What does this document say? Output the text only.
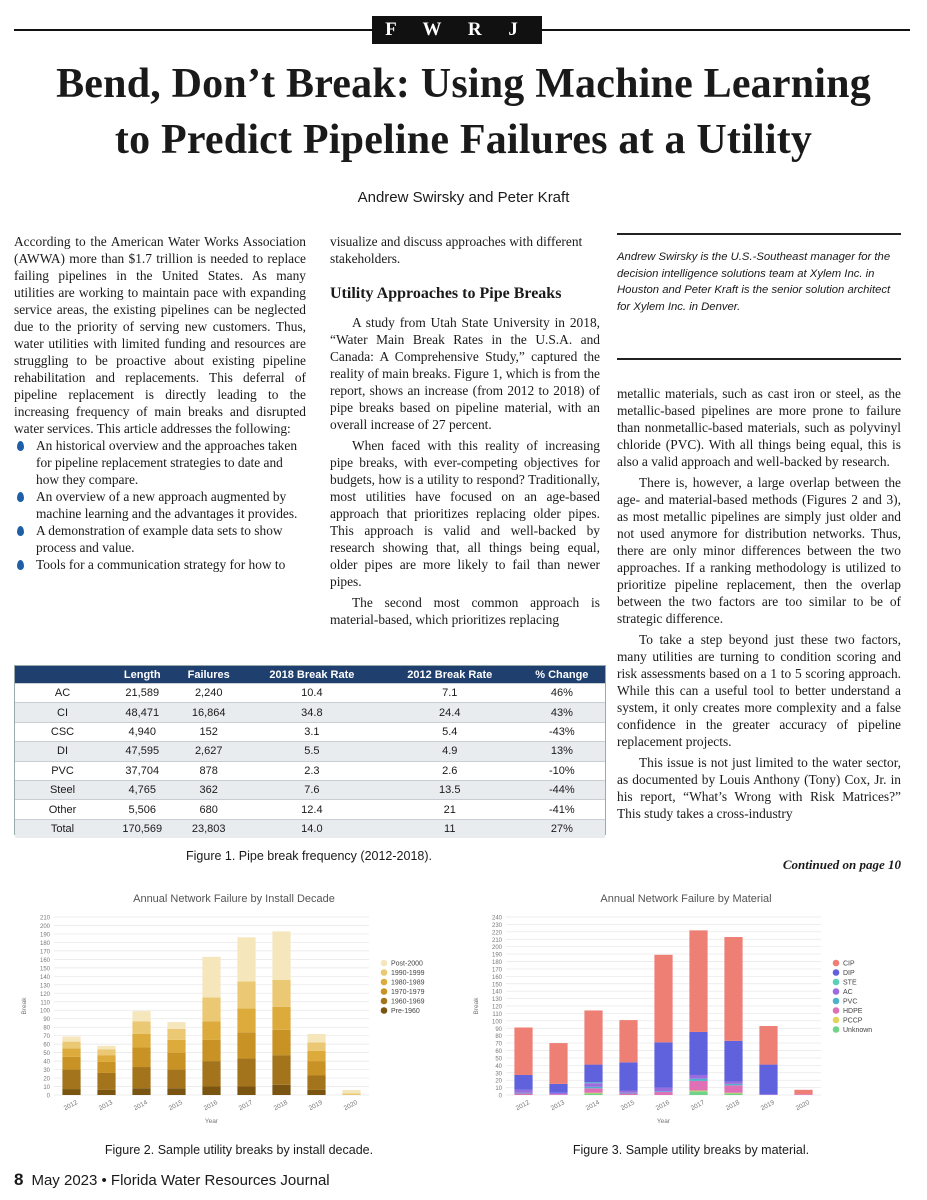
F W R J
Bend, Don’t Break: Using Machine Learning
to Predict Pipeline Failures at a Utility
Andrew Swirsky and Peter Kraft

According to the American Water Works Association (AWWA) more than $1.7 trillion is needed to replace failing pipelines in the United States. As many utilities are working to maintain pace with expanding service areas, the existing pipelines can be neglected due to the priority of serving new customers. Thus, water utilities with limited funding and resources are struggling to be proactive about existing pipeline rehabilitation and replacements. This deferral of pipeline replacement is directly leading to the increasing frequency of main breaks and disrupted water services. This article addresses the following:

An historical overview and the approaches taken for pipeline replacement strategies to date and how they compare.
An overview of a new approach augmented by machine learning and the advantages it provides.
A demonstration of example data sets to show process and value.
Tools for a communication strategy for how to

visualize and discuss approaches with different stakeholders.

Utility Approaches to Pipe Breaks

A study from Utah State University in 2018, “Water Main Break Rates in the U.S.A. and Canada: A Comprehensive Study,” captured the reality of main breaks. Figure 1, which is from the report, shows an increase (from 2012 to 2018) of pipe breaks based on pipeline material, with an overall increase of 27 percent.

When faced with this reality of increasing pipe breaks, with ever-competing objectives for budgets, how is a utility to respond? Traditionally, most utilities have focused on an age-based approach that prioritizes replacing older pipes. This approach is valid and well-backed by research showing that, all things being equal, older pipes are more likely to fail than newer pipes.

The second most common approach is material-based, which prioritizes replacing

Andrew Swirsky is the U.S.-Southeast manager for the decision intelligence solutions team at Xylem Inc. in Houston and Peter Kraft is the senior solution architect for Xylem Inc. in Denver.

metallic materials, such as cast iron or steel, as the metallic-based pipelines are more prone to failure than nonmetallic-based materials, such as polyvinyl chloride (PVC). With all things being equal, this is also a valid approach and well-backed by research.

There is, however, a large overlap between the age- and material-based methods (Figures 2 and 3), as most metallic pipelines are simply just older and not used anymore for distribution networks. Thus, there are only minor differences between the two approaches. If a ranking methodology is utilized to prioritize pipeline replacement, then the overlap between the two factors are too similar to be of strategic difference.

To take a step beyond just these two factors, many utilities are turning to condition scoring and risk assessments based on a 1 to 5 scoring approach. While this can a useful tool to better understand a system, it only creates more complexity and a false confidence in the greater accuracy of pipeline replacement projects.

This issue is not just limited to the water sector, as documented by Louis Anthony (Tony) Cox, Jr. in his report, “What’s Wrong with Risk Matrices?” This study takes a cross-industry

Continued on page 10
	Length	Failures	2018 Break Rate	2012 Break Rate	% Change
AC	21,589	2,240	10.4	7.1	46%
CI	48,471	16,864	34.8	24.4	43%
CSC	4,940	152	3.1	5.4	-43%
DI	47,595	2,627	5.5	4.9	13%
PVC	37,704	878	2.3	2.6	-10%
Steel	4,765	362	7.6	13.5	-44%
Other	5,506	680	12.4	21	-41%
Total	170,569	23,803	14.0	11	27%
Figure 1. Pipe break frequency (2012-2018).
Annual Network Failure by Install Decade
0
10
20
30
40
50
60
70
80
90
100
110
120
130
140
150
160
170
180
190
200
210
Break
2012	2013	2014	2015	2016	2017	2018	2019	2020
Year
Post-2000
1990-1999
1980-1989
1970-1979
1960-1969
Pre-1960
Figure 2. Sample utility breaks by install decade.
Annual Network Failure by Material
0
10
20
30
40
50
60
70
80
90
100
110
120
130
140
150
160
170
180
190
200
210
220
230
240
Break
2012	2013	2014	2015	2016	2017	2018	2019	2020
Year
CIP
DIP
STE
AC
PVC
HDPE
PCCP
Unknown
Figure 3. Sample utility breaks by material.
8 May 2023 • Florida Water Resources Journal
